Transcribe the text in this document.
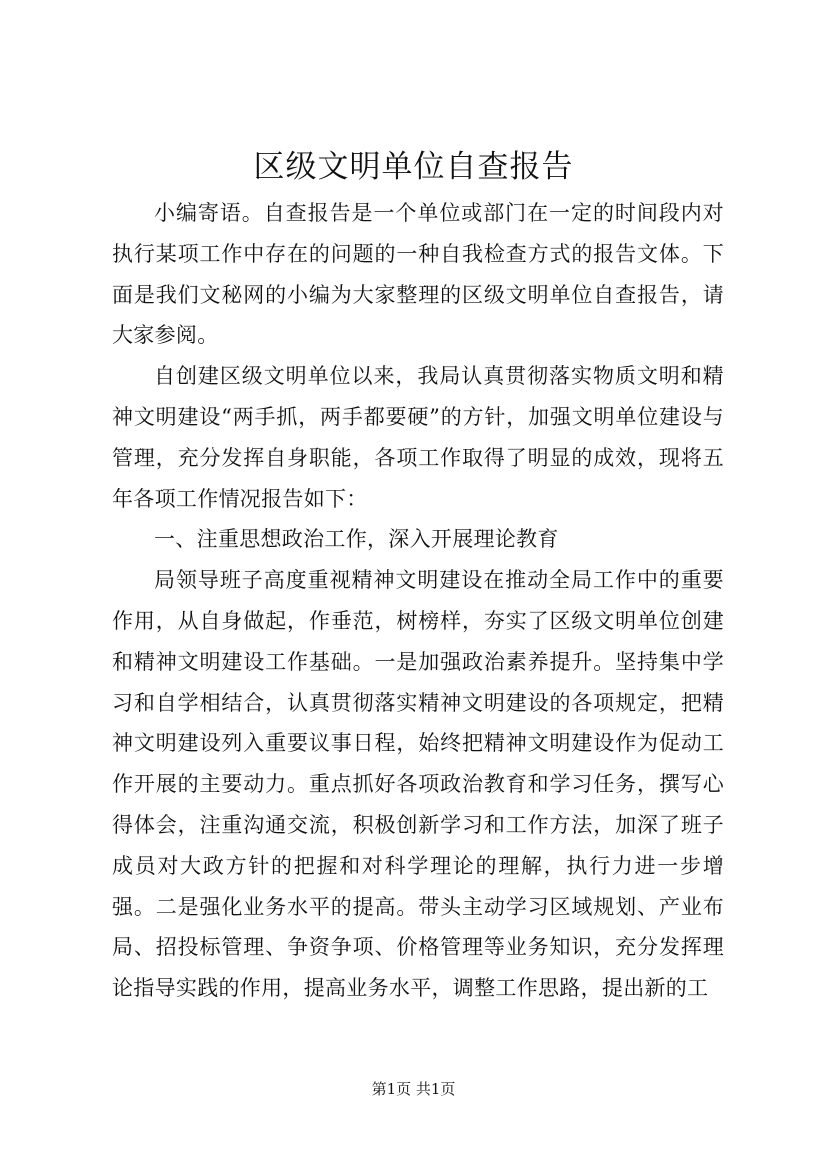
区级文明单位自查报告

小编寄语。自查报告是一个单位或部门在一定的时间段内对执行某项工作中存在的问题的一种自我检查方式的报告文体。下面是我们文秘网的小编为大家整理的区级文明单位自查报告，请大家参阅。

自创建区级文明单位以来，我局认真贯彻落实物质文明和精神文明建设“两手抓，两手都要硬”的方针，加强文明单位建设与管理，充分发挥自身职能，各项工作取得了明显的成效，现将五年各项工作情况报告如下：

一、注重思想政治工作，深入开展理论教育

局领导班子高度重视精神文明建设在推动全局工作中的重要作用，从自身做起，作垂范，树榜样，夯实了区级文明单位创建和精神文明建设工作基础。一是加强政治素养提升。坚持集中学习和自学相结合，认真贯彻落实精神文明建设的各项规定，把精神文明建设列入重要议事日程，始终把精神文明建设作为促动工作开展的主要动力。重点抓好各项政治教育和学习任务，撰写心得体会，注重沟通交流，积极创新学习和工作方法，加深了班子成员对大政方针的把握和对科学理论的理解，执行力进一步增强。二是强化业务水平的提高。带头主动学习区域规划、产业布局、招投标管理、争资争项、价格管理等业务知识，充分发挥理论指导实践的作用，提高业务水平，调整工作思路，提出新的工

第1页 共1页
